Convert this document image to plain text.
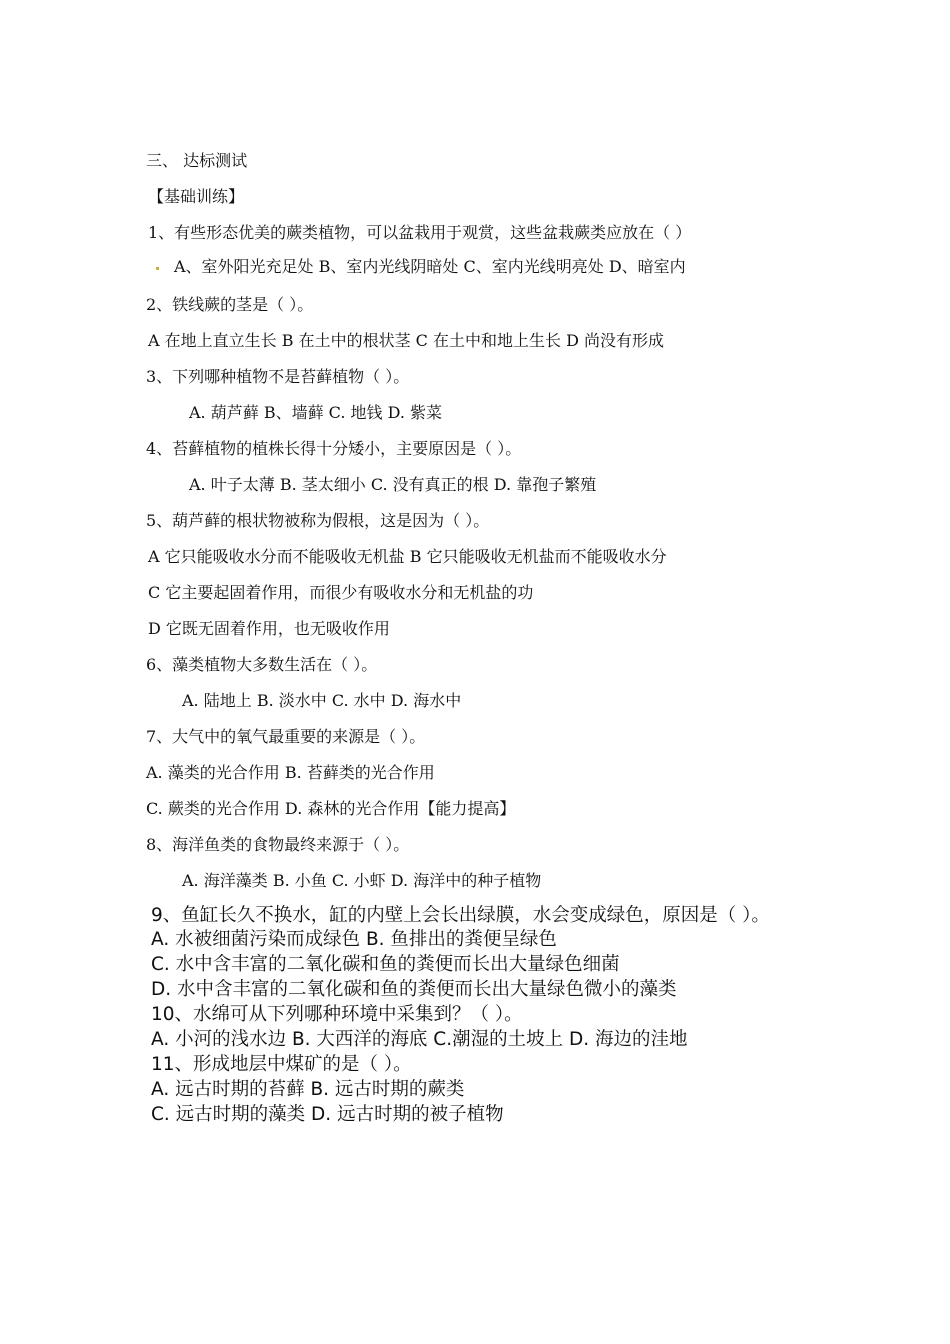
三、 达标测试
【基础训练】
1、有些形态优美的蕨类植物，可以盆栽用于观赏，这些盆栽蕨类应放在（ ）
A、室外阳光充足处 B、室内光线阴暗处 C、室内光线明亮处 D、暗室内
2、铁线蕨的茎是（ ）。
A 在地上直立生长 B 在土中的根状茎 C 在土中和地上生长 D 尚没有形成
3、下列哪种植物不是苔藓植物（ ）。
A. 葫芦藓 B、墙藓 C. 地钱 D. 紫菜
4、苔藓植物的植株长得十分矮小，主要原因是（ ）。
A. 叶子太薄 B. 茎太细小 C. 没有真正的根 D. 靠孢子繁殖
5、葫芦藓的根状物被称为假根，这是因为（ ）。
A 它只能吸收水分而不能吸收无机盐 B 它只能吸收无机盐而不能吸收水分
C 它主要起固着作用，而很少有吸收水分和无机盐的功
D 它既无固着作用，也无吸收作用
6、藻类植物大多数生活在（ ）。
A. 陆地上 B. 淡水中 C. 水中 D. 海水中
7、大气中的氧气最重要的来源是（ ）。
A. 藻类的光合作用 B. 苔藓类的光合作用
C. 蕨类的光合作用 D. 森林的光合作用【能力提高】
8、海洋鱼类的食物最终来源于（ ）。
A. 海洋藻类 B. 小鱼 C. 小虾 D. 海洋中的种子植物
9、鱼缸长久不换水，缸的内壁上会长出绿膜，水会变成绿色，原因是（ ）。
A. 水被细菌污染而成绿色 B. 鱼排出的粪便呈绿色
C. 水中含丰富的二氧化碳和鱼的粪便而长出大量绿色细菌
D. 水中含丰富的二氧化碳和鱼的粪便而长出大量绿色微小的藻类
10、水绵可从下列哪种环境中采集到？（ ）。
A. 小河的浅水边 B. 大西洋的海底 C.潮湿的土坡上 D. 海边的洼地
11、形成地层中煤矿的是（ ）。
A. 远古时期的苔藓 B. 远古时期的蕨类
C. 远古时期的藻类 D. 远古时期的被子植物
